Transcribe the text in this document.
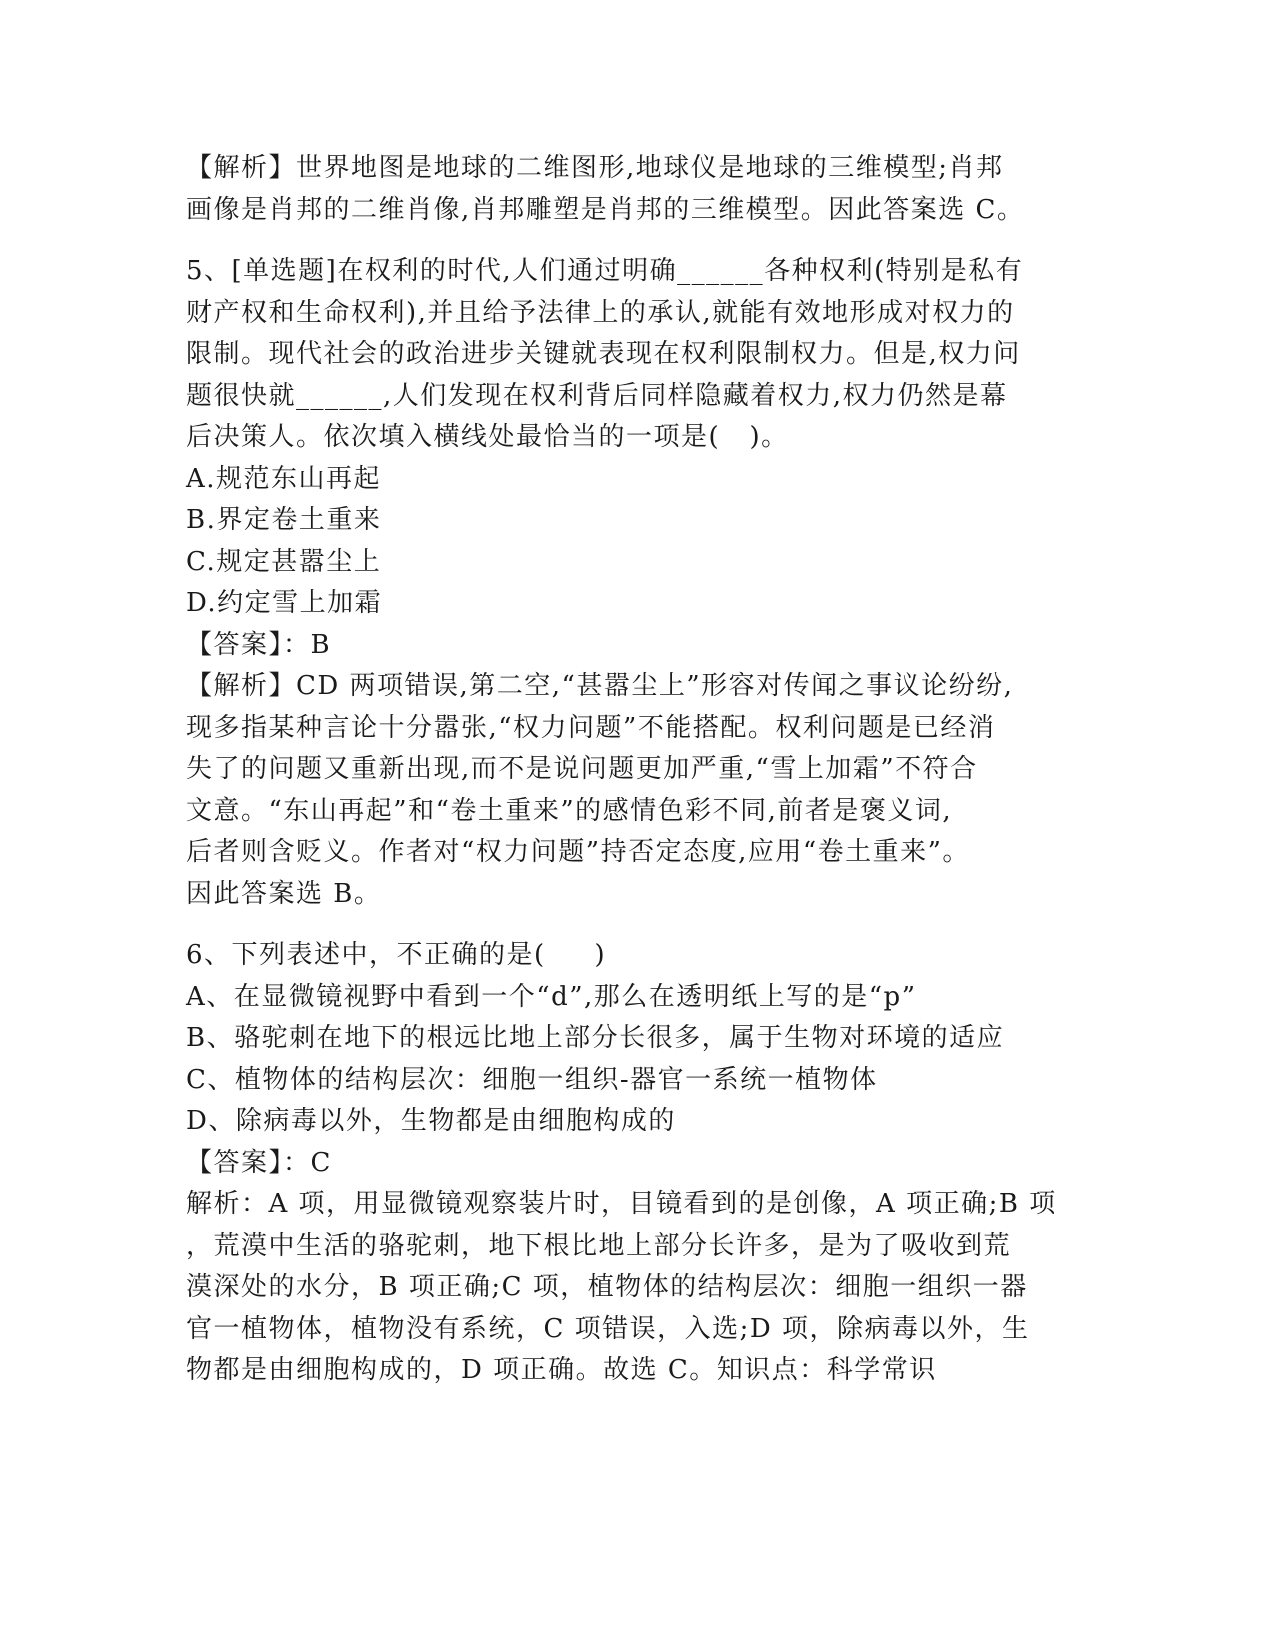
【解析】世界地图是地球的二维图形,地球仪是地球的三维模型;肖邦
画像是肖邦的二维肖像,肖邦雕塑是肖邦的三维模型。因此答案选 C。
5、[单选题]在权利的时代,人们通过明确______各种权利(特别是私有
财产权和生命权利),并且给予法律上的承认,就能有效地形成对权力的
限制。现代社会的政治进步关键就表现在权利限制权力。但是,权力问
题很快就______,人们发现在权利背后同样隐藏着权力,权力仍然是幕
后决策人。依次填入横线处最恰当的一项是(   )。
A.规范东山再起
B.界定卷土重来
C.规定甚嚣尘上
D.约定雪上加霜
【答案】：B
【解析】CD 两项错误,第二空,“甚嚣尘上”形容对传闻之事议论纷纷,
现多指某种言论十分嚣张,“权力问题”不能搭配。权利问题是已经消
失了的问题又重新出现,而不是说问题更加严重,“雪上加霜”不符合
文意。“东山再起”和“卷土重来”的感情色彩不同,前者是褒义词,
后者则含贬义。作者对“权力问题”持否定态度,应用“卷土重来”。
因此答案选 B。
6、下列表述中，不正确的是(     )
A、在显微镜视野中看到一个“d”,那么在透明纸上写的是“p”
B、骆驼刺在地下的根远比地上部分长很多，属于生物对环境的适应
C、植物体的结构层次：细胞一组织-器官一系统一植物体
D、除病毒以外，生物都是由细胞构成的
【答案】：C
解析：A 项，用显微镜观察装片时，目镜看到的是创像，A 项正确;B 项
，荒漠中生活的骆驼刺，地下根比地上部分长许多，是为了吸收到荒
漠深处的水分，B 项正确;C 项，植物体的结构层次：细胞一组织一器
官一植物体，植物没有系统，C 项错误，入选;D 项，除病毒以外，生
物都是由细胞构成的，D 项正确。故选 C。知识点：科学常识
